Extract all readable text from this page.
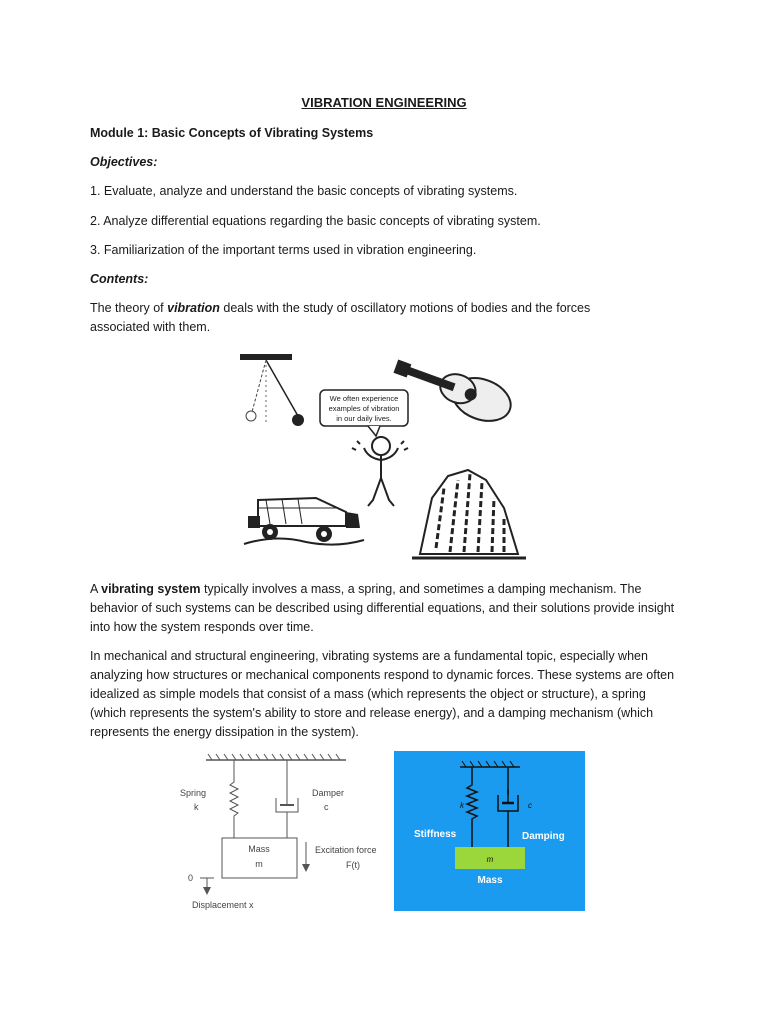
VIBRATION ENGINEERING

Module 1: Basic Concepts of Vibrating Systems

Objectives:

1. Evaluate, analyze and understand the basic concepts of vibrating systems.

2. Analyze differential equations regarding the basic concepts of vibrating system.

3. Familiarization of the important terms used in vibration engineering.

Contents:

The theory of vibration deals with the study of oscillatory motions of bodies and the forces associated with them.

We often experience
examples of vibration
in our daily lives.

A vibrating system typically involves a mass, a spring, and sometimes a damping mechanism. The behavior of such systems can be described using differential equations, and their solutions provide insight into how the system responds over time.

In mechanical and structural engineering, vibrating systems are a fundamental topic, especially when analyzing how structures or mechanical components respond to dynamic forces. These systems are often idealized as simple models that consist of a mass (which represents the object or structure), a spring (which represents the system's ability to store and release energy), and a damping mechanism (which represents the energy dissipation in the system).

Spring
k
Damper
c
Mass
m
Excitation force
F(t)
0
Displacement x
k	c
Stiffness	Damping
m
Mass
